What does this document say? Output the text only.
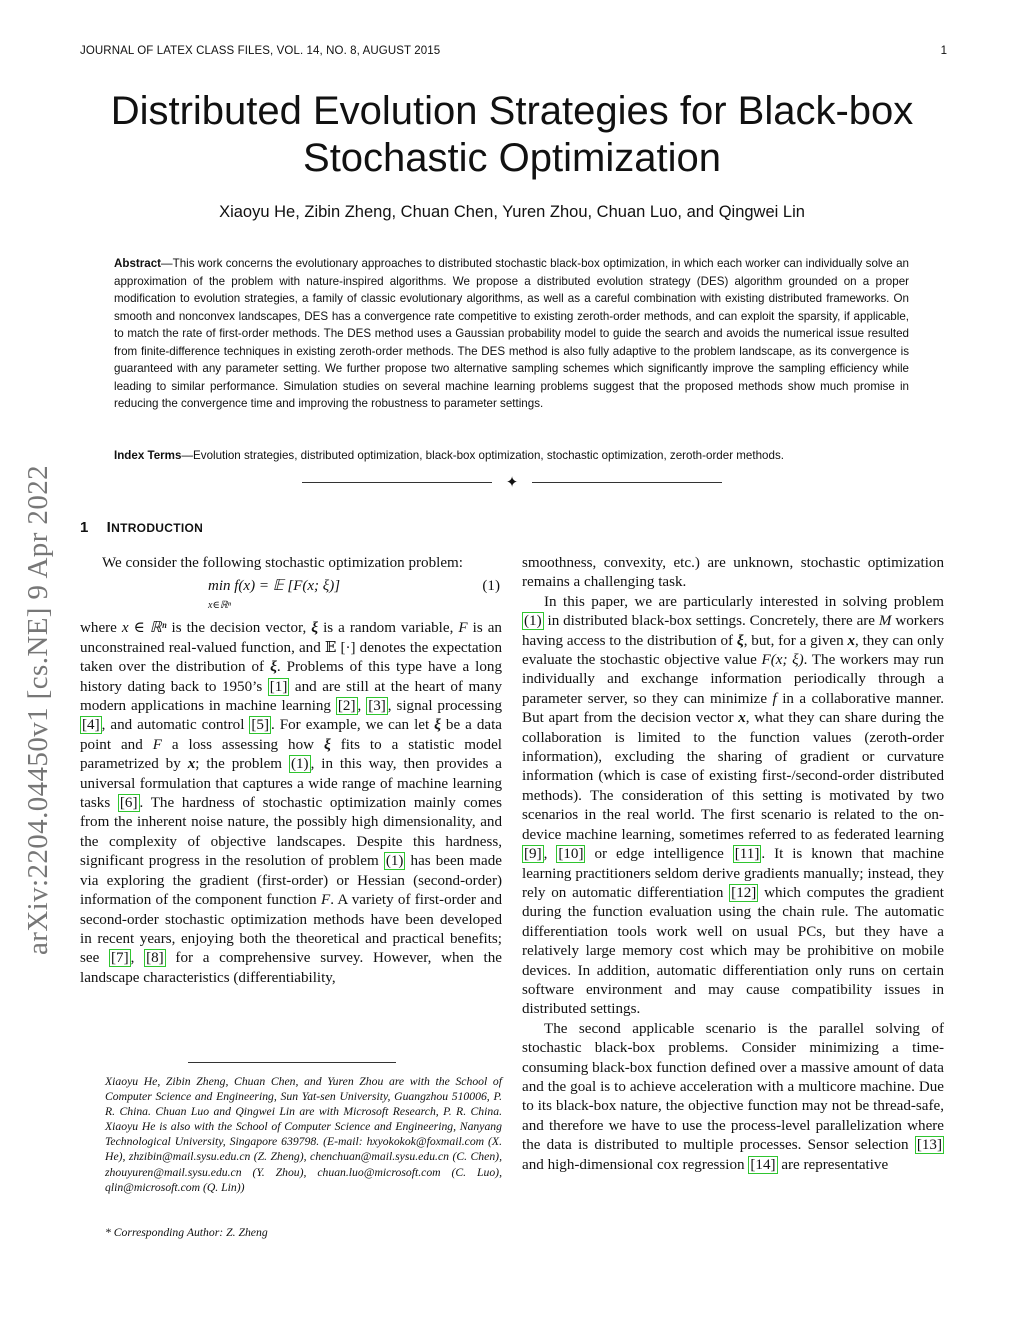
JOURNAL OF LATEX CLASS FILES, VOL. 14, NO. 8, AUGUST 2015	1
Distributed Evolution Strategies for Black-box
Stochastic Optimization
Xiaoyu He, Zibin Zheng, Chuan Chen, Yuren Zhou, Chuan Luo, and Qingwei Lin
Abstract—This work concerns the evolutionary approaches to distributed stochastic black-box optimization, in which each worker can individually solve an approximation of the problem with nature-inspired algorithms. We propose a distributed evolution strategy (DES) algorithm grounded on a proper modification to evolution strategies, a family of classic evolutionary algorithms, as well as a careful combination with existing distributed frameworks. On smooth and nonconvex landscapes, DES has a convergence rate competitive to existing zeroth-order methods, and can exploit the sparsity, if applicable, to match the rate of first-order methods. The DES method uses a Gaussian probability model to guide the search and avoids the numerical issue resulted from finite-difference techniques in existing zeroth-order methods. The DES method is also fully adaptive to the problem landscape, as its convergence is guaranteed with any parameter setting. We further propose two alternative sampling schemes which significantly improve the sampling efficiency while leading to similar performance. Simulation studies on several machine learning problems suggest that the proposed methods show much promise in reducing the convergence time and improving the robustness to parameter settings.
Index Terms—Evolution strategies, distributed optimization, black-box optimization, stochastic optimization, zeroth-order methods.
✦
arXiv:2204.04450v1 [cs.NE] 9 Apr 2022 1 INTRODUCTION

We consider the following stochastic optimization problem:

min f(x) = 𝔼 [F(x; ξ)]
x∈ℝⁿ
(1)

where x ∈ ℝⁿ is the decision vector, ξ is a random variable, F is an unconstrained real-valued function, and 𝔼 [·] denotes the expectation taken over the distribution of ξ. Problems of this type have a long history dating back to 1950’s [1] and are still at the heart of many modern applications in machine learning [2] , [3] , signal processing [4] , and automatic control [5] . For example, we can let ξ be a data point and F a loss assessing how ξ fits to a statistic model parametrized by x; the problem (1) , in this way, then provides a universal formulation that captures a wide range of machine learning tasks [6] . The hardness of stochastic optimization mainly comes from the inherent noise nature, the possibly high dimensionality, and the complexity of objective landscapes. Despite this hardness, significant progress in the resolution of problem (1) has been made via exploring the gradient (first-order) or Hessian (second-order) information of the component function F. A variety of first-order and second-order stochastic optimization methods have been developed in recent years, enjoying both the theoretical and practical benefits; see [7] , [8] for a comprehensive survey. However, when the landscape characteristics (differentiability,

smoothness, convexity, etc.) are unknown, stochastic optimization remains a challenging task.

In this paper, we are particularly interested in solving problem (1) in distributed black-box settings. Concretely, there are M workers having access to the distribution of ξ, but, for a given x, they can only evaluate the stochastic objective value F(x; ξ). The workers may run individually and exchange information periodically through a parameter server, so they can minimize f in a collaborative manner. But apart from the decision vector x, what they can share during the collaboration is limited to the function values (zeroth-order information), excluding the sharing of gradient or curvature information (which is case of existing first-/second-order distributed methods). The consideration of this setting is motivated by two scenarios in the real world. The first scenario is related to the on-device machine learning, sometimes referred to as federated learning [9] , [10] or edge intelligence [11] . It is known that machine learning practitioners seldom derive gradients manually; instead, they rely on automatic differentiation [12] which computes the gradient during the function evaluation using the chain rule. The automatic differentiation tools work well on usual PCs, but they have a relatively large memory cost which may be prohibitive on mobile devices. In addition, automatic differentiation only runs on certain software environment and may cause compatibility issues in distributed settings.

The second applicable scenario is the parallel solving of stochastic black-box problems. Consider minimizing a time-consuming black-box function defined over a massive amount of data and the goal is to achieve acceleration with a multicore machine. Due to its black-box nature, the objective function may not be thread-safe, and therefore we have to use the process-level parallelization where the data is distributed to multiple processes. Sensor selection [13] and high-dimensional cox regression [14] are representative

Xiaoyu He, Zibin Zheng, Chuan Chen, and Yuren Zhou are with the School of Computer Science and Engineering, Sun Yat-sen University, Guangzhou 510006, P. R. China. Chuan Luo and Qingwei Lin are with Microsoft Research, P. R. China. Xiaoyu He is also with the School of Computer Science and Engineering, Nanyang Technological University, Singapore 639798. (E-mail: hxyokokok@foxmail.com (X. He), zhzibin@mail.sysu.edu.cn (Z. Zheng), chenchuan@mail.sysu.edu.cn (C. Chen), zhouyuren@mail.sysu.edu.cn (Y. Zhou), chuan.luo@microsoft.com (C. Luo), qlin@microsoft.com (Q. Lin))
* Corresponding Author: Z. Zheng
